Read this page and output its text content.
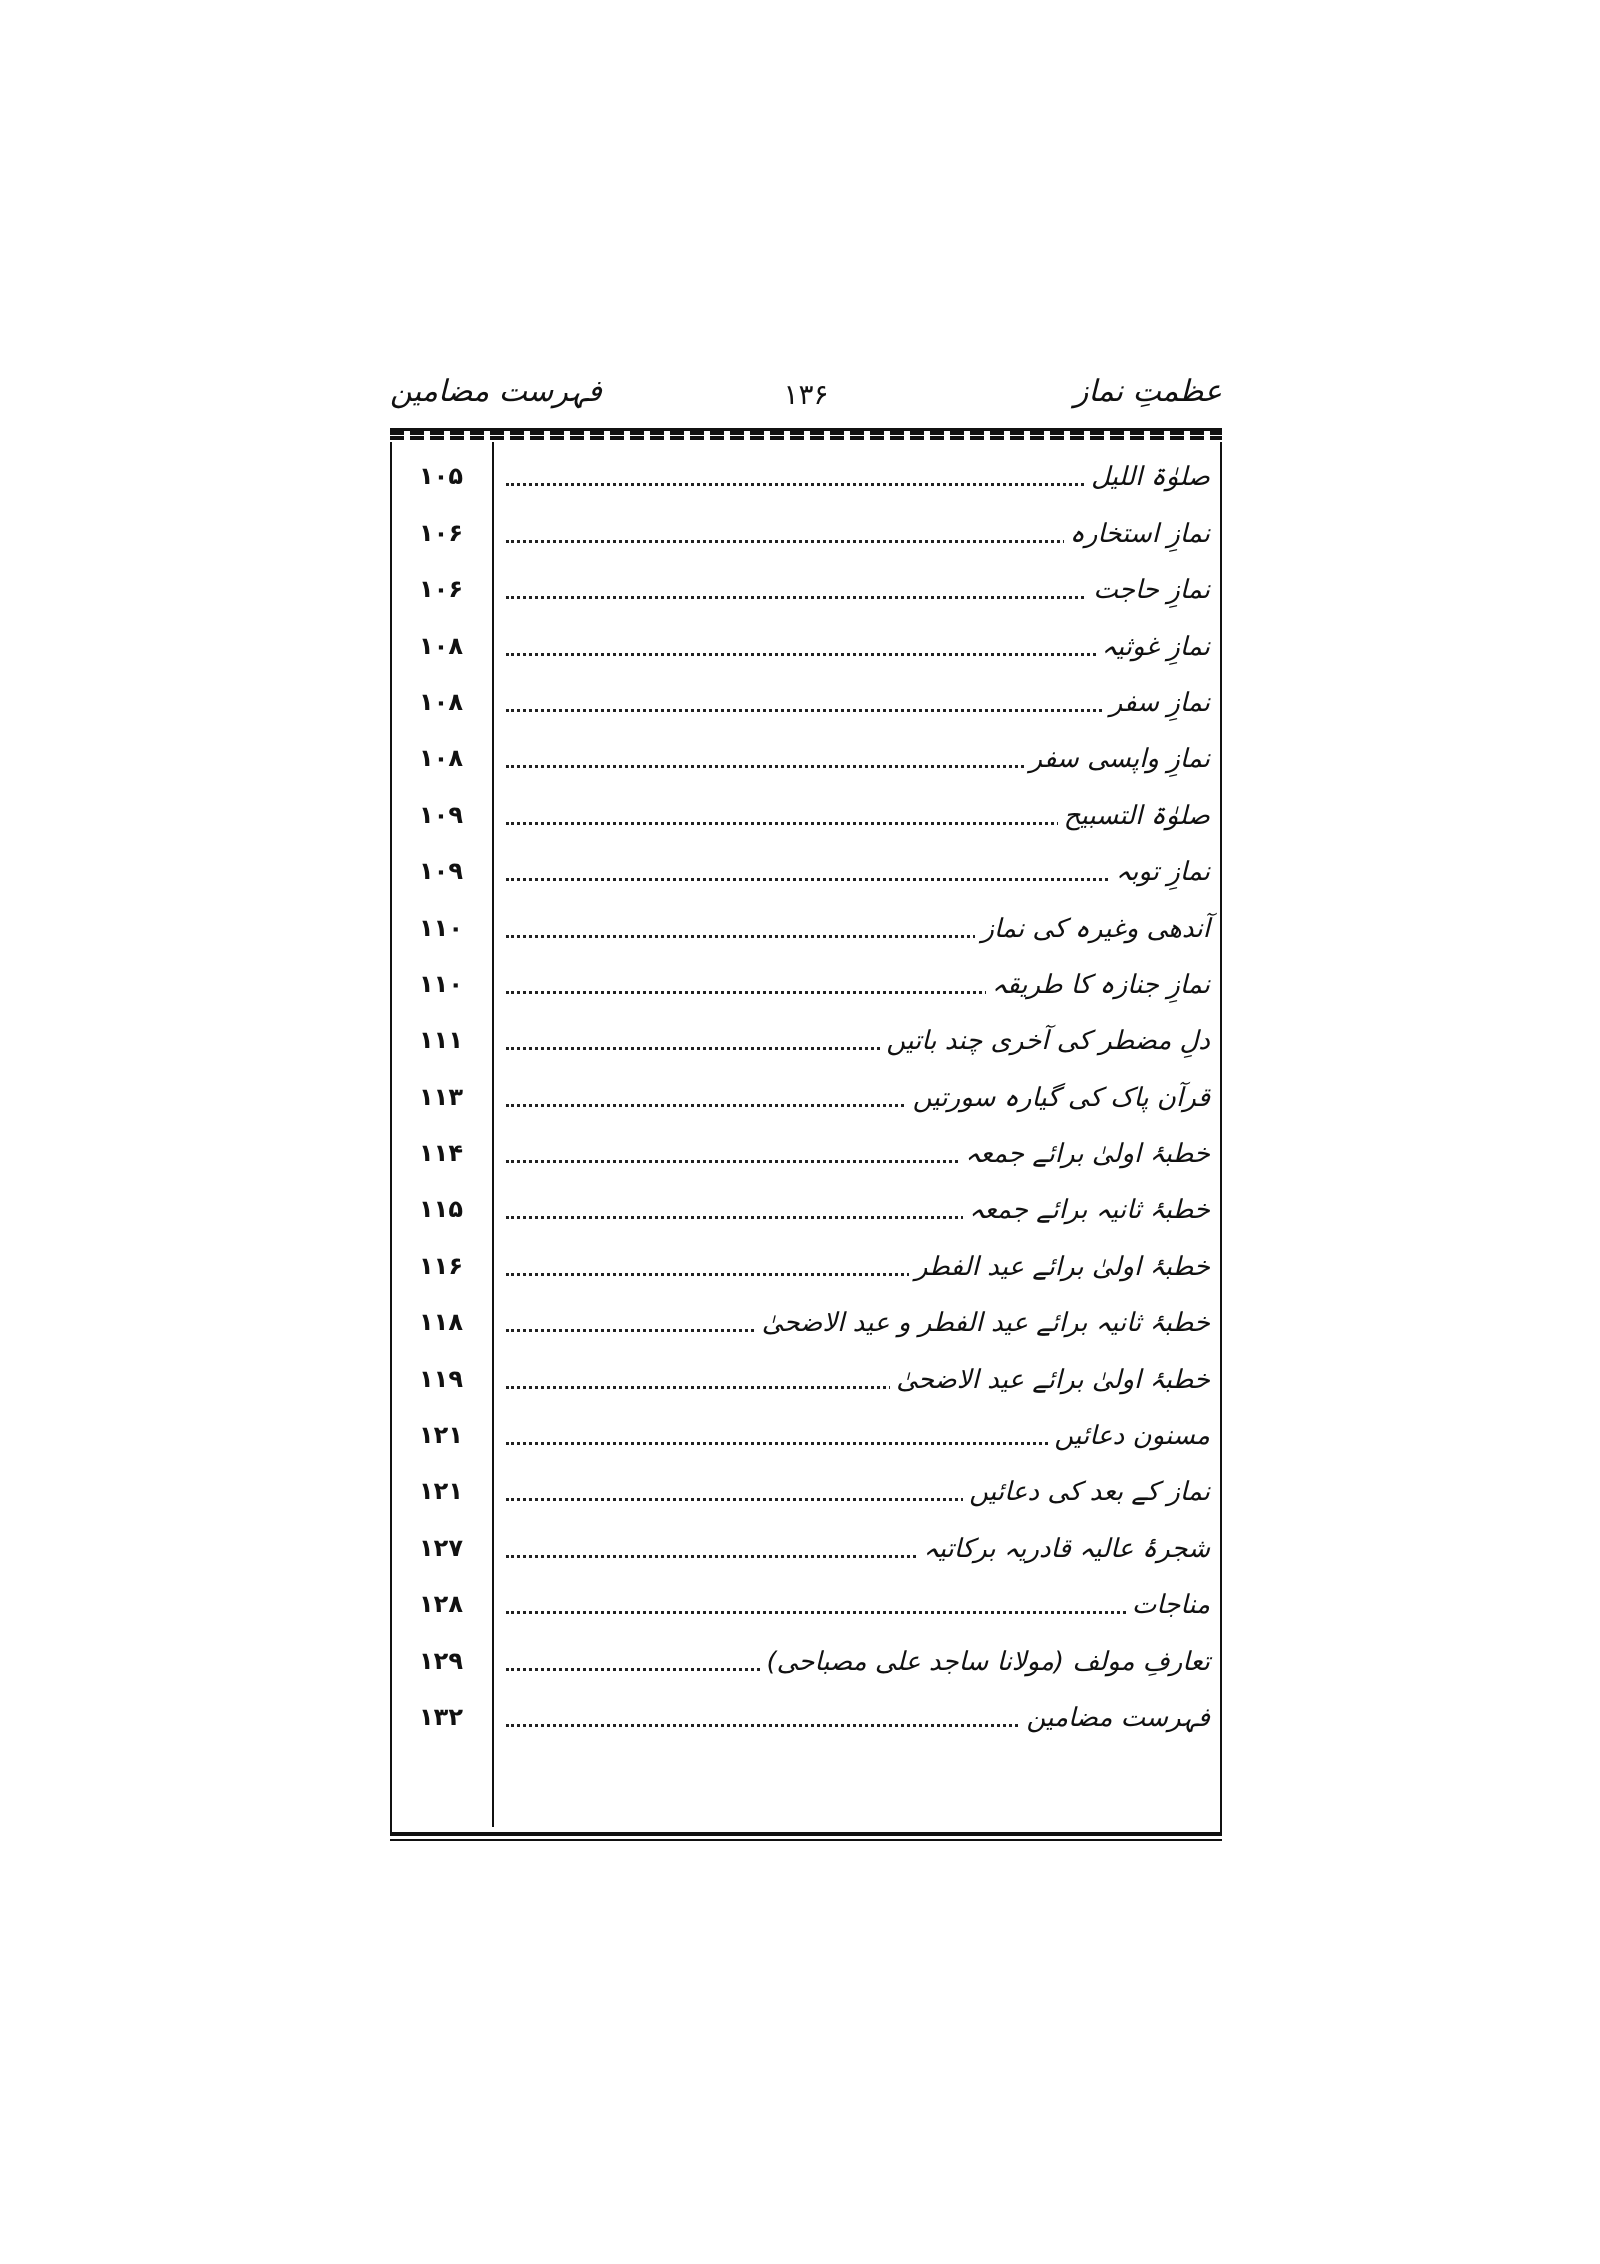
عظمتِ نماز
۱۳۶
فہرست مضامین
صلوٰۃ اللیل
۱۰۵
نمازِ استخارہ
۱۰۶
نمازِ حاجت
۱۰۶
نمازِ غوثیہ
۱۰۸
نمازِ سفر
۱۰۸
نمازِ واپسی سفر
۱۰۸
صلوٰۃ التسبیح
۱۰۹
نمازِ توبہ
۱۰۹
آندھی وغیرہ کی نماز
۱۱۰
نمازِ جنازہ کا طریقہ
۱۱۰
دلِ مضطر کی آخری چند باتیں
۱۱۱
قرآن پاک کی گیارہ سورتیں
۱۱۳
خطبۂ اولیٰ برائے جمعہ
۱۱۴
خطبۂ ثانیہ برائے جمعہ
۱۱۵
خطبۂ اولیٰ برائے عید الفطر
۱۱۶
خطبۂ ثانیہ برائے عید الفطر و عید الاضحیٰ
۱۱۸
خطبۂ اولیٰ برائے عید الاضحیٰ
۱۱۹
مسنون دعائیں
۱۲۱
نماز کے بعد کی دعائیں
۱۲۱
شجرۂ عالیہ قادریہ برکاتیہ
۱۲۷
مناجات
۱۲۸
تعارفِ مولف (مولانا ساجد علی مصباحی)
۱۲۹
فہرست مضامین
۱۳۲
